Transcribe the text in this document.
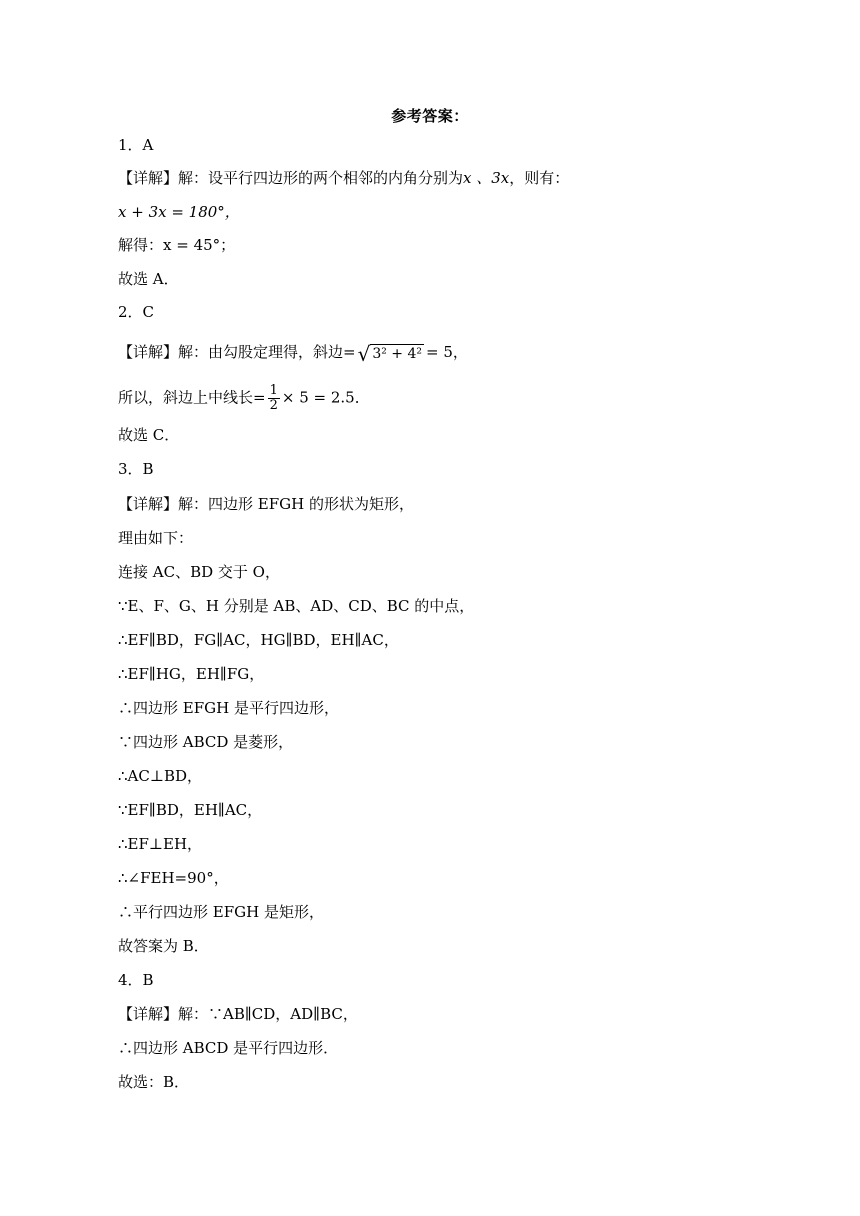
参考答案：
1．A
【详解】解：设平行四边形的两个相邻的内角分别为x 、3x，则有：
x + 3x = 180°，
解得：x = 45°；
故选 A．
2．C
【详解】解：由勾股定理得，斜边= √ 3² + 4² = 5，
所以，斜边上中线长= $\frac{1}{2} \times 5 = 2.5$．
故选 C．
3．B
【详解】解：四边形 EFGH 的形状为矩形，
理由如下：
连接 AC、BD 交于 O，
∵E、F、G、H 分别是 AB、AD、CD、BC 的中点，
∴EF∥BD，FG∥AC，HG∥BD，EH∥AC，
∴EF∥HG，EH∥FG，
∴四边形 EFGH 是平行四边形，
∵四边形 ABCD 是菱形，
∴AC⊥BD，
∵EF∥BD，EH∥AC，
∴EF⊥EH，
∴∠FEH=90°，
∴平行四边形 EFGH 是矩形，
故答案为 B．
4．B
【详解】解：∵AB∥CD，AD∥BC，
∴四边形 ABCD 是平行四边形．
故选：B．
